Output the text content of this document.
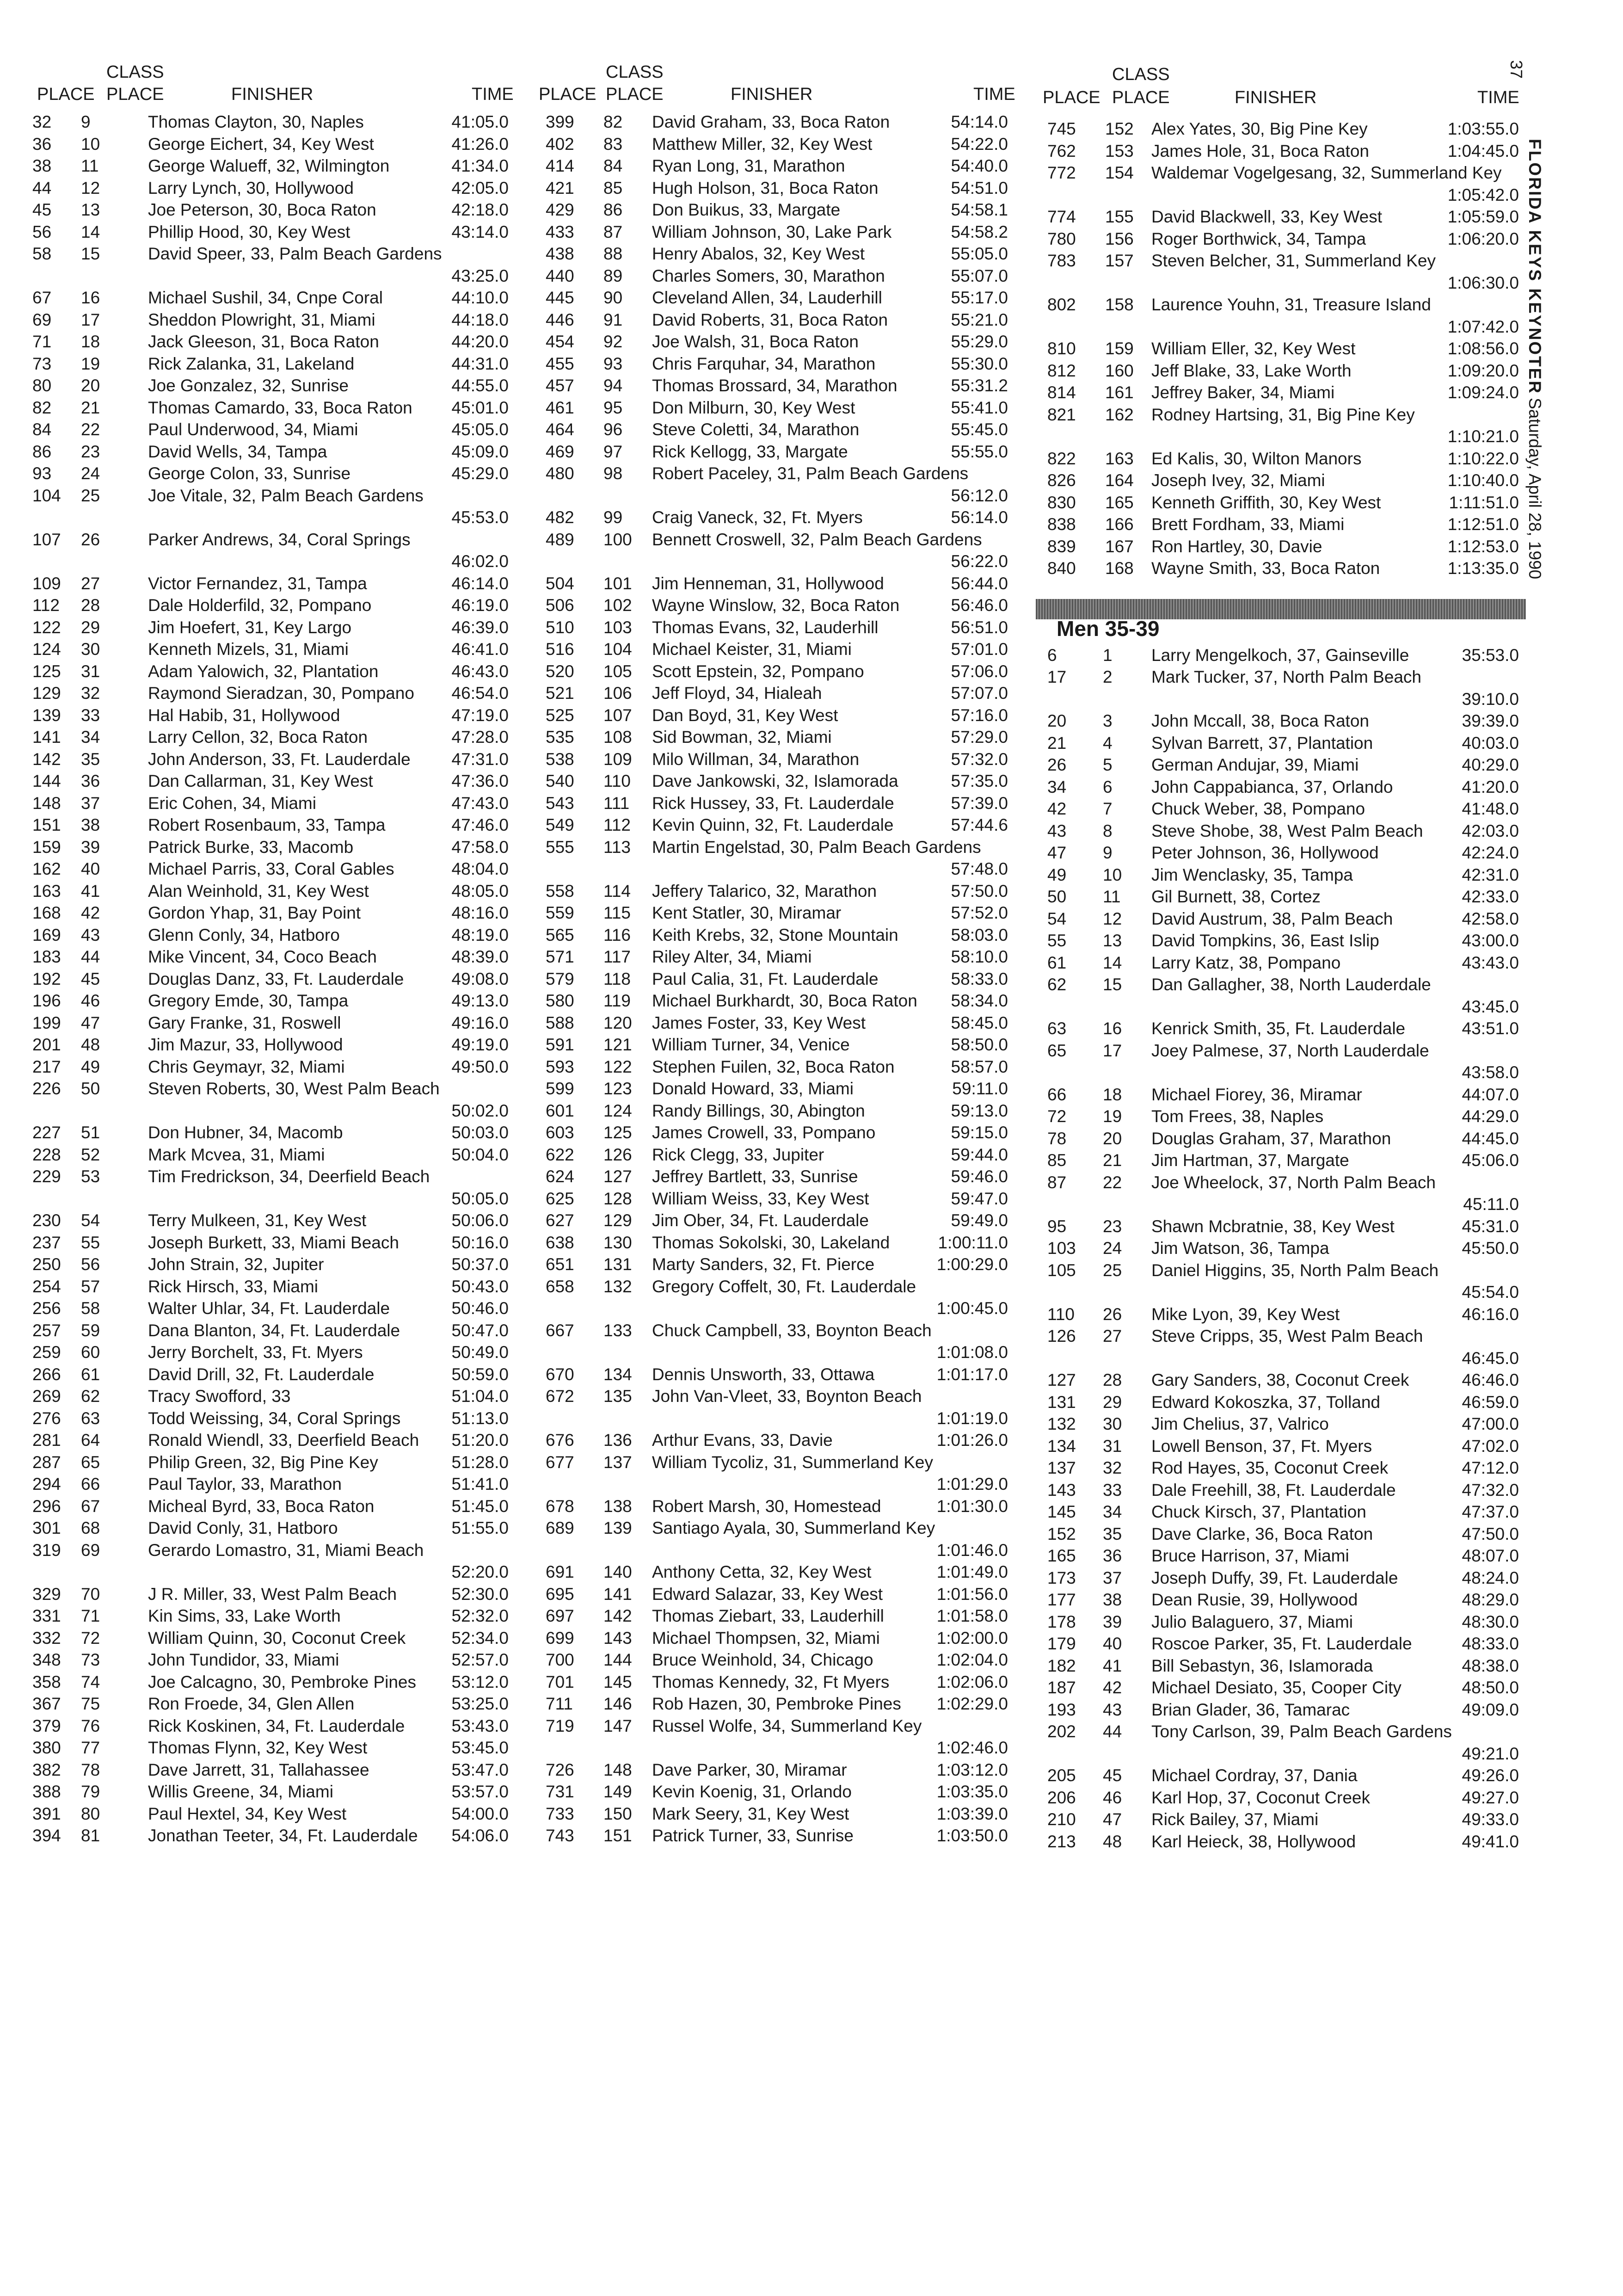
CLASS
PLACE PLACE	FINISHER	TIME
32 9	Thomas Clayton, 30, Naples	41:05.0
36 10	George Eichert, 34, Key West	41:26.0
38 11	George Walueff, 32, Wilmington	41:34.0
44 12	Larry Lynch, 30, Hollywood	42:05.0
45 13	Joe Peterson, 30, Boca Raton	42:18.0
56 14	Phillip Hood, 30, Key West	43:14.0
58 15	David Speer, 33, Palm Beach Gardens
43:25.0
67 16	Michael Sushil, 34, Cnpe Coral	44:10.0
69 17	Sheddon Plowright, 31, Miami	44:18.0
71 18	Jack Gleeson, 31, Boca Raton	44:20.0
73 19	Rick Zalanka, 31, Lakeland	44:31.0
80 20	Joe Gonzalez, 32, Sunrise	44:55.0
82 21	Thomas Camardo, 33, Boca Raton 45:01.0
84 22	Paul Underwood, 34, Miami	45:05.0
86 23	David Wells, 34, Tampa	45:09.0
93 24	George Colon, 33, Sunrise	45:29.0
104 25	Joe Vitale, 32, Palm Beach Gardens
45:53.0
107 26	Parker Andrews, 34, Coral Springs
46:02.0
109 27	Victor Fernandez, 31, Tampa	46:14.0
112 28	Dale Holderfild, 32, Pompano	46:19.0
122 29	Jim Hoefert, 31, Key Largo	46:39.0
124 30	Kenneth Mizels, 31, Miami	46:41.0
125 31	Adam Yalowich, 32, Plantation	46:43.0
129 32	Raymond Sieradzan, 30, Pompano 46:54.0
139 33	Hal Habib, 31, Hollywood	47:19.0
141 34	Larry Cellon, 32, Boca Raton	47:28.0
142 35	John Anderson, 33, Ft. Lauderdale 47:31.0
144 36	Dan Callarman, 31, Key West	47:36.0
148 37	Eric Cohen, 34, Miami	47:43.0
151 38	Robert Rosenbaum, 33, Tampa	47:46.0
159 39	Patrick Burke, 33, Macomb	47:58.0
162 40	Michael Parris, 33, Coral Gables	48:04.0
163 41	Alan Weinhold, 31, Key West	48:05.0
168 42	Gordon Yhap, 31, Bay Point	48:16.0
169 43	Glenn Conly, 34, Hatboro	48:19.0
183 44	Mike Vincent, 34, Coco Beach	48:39.0
192 45	Douglas Danz, 33, Ft. Lauderdale	49:08.0
196 46	Gregory Emde, 30, Tampa	49:13.0
199 47	Gary Franke, 31, Roswell	49:16.0
201 48	Jim Mazur, 33, Hollywood	49:19.0
217 49	Chris Geymayr, 32, Miami	49:50.0
226 50	Steven Roberts, 30, West Palm Beach
50:02.0
227 51	Don Hubner, 34, Macomb	50:03.0
228 52	Mark Mcvea, 31, Miami	50:04.0
229 53	Tim Fredrickson, 34, Deerfield Beach
50:05.0
230 54	Terry Mulkeen, 31, Key West	50:06.0
237 55	Joseph Burkett, 33, Miami Beach	50:16.0
250 56	John Strain, 32, Jupiter	50:37.0
254 57	Rick Hirsch, 33, Miami	50:43.0
256 58	Walter Uhlar, 34, Ft. Lauderdale	50:46.0
257 59	Dana Blanton, 34, Ft. Lauderdale	50:47.0
259 60	Jerry Borchelt, 33, Ft. Myers	50:49.0
266 61	David Drill, 32, Ft. Lauderdale	50:59.0
269 62	Tracy Swofford, 33	51:04.0
276 63	Todd Weissing, 34, Coral Springs	51:13.0
281 64	Ronald Wiendl, 33, Deerfield Beach 51:20.0
287 65	Philip Green, 32, Big Pine Key	51:28.0
294 66	Paul Taylor, 33, Marathon	51:41.0
296 67	Micheal Byrd, 33, Boca Raton	51:45.0
301 68	David Conly, 31, Hatboro	51:55.0
319 69	Gerardo Lomastro, 31, Miami Beach
52:20.0
329 70	J R. Miller, 33, West Palm Beach	52:30.0
331 71	Kin Sims, 33, Lake Worth	52:32.0
332 72	William Quinn, 30, Coconut Creek	52:34.0
348 73	John Tundidor, 33, Miami	52:57.0
358 74	Joe Calcagno, 30, Pembroke Pines 53:12.0
367 75	Ron Froede, 34, Glen Allen	53:25.0
379 76	Rick Koskinen, 34, Ft. Lauderdale	53:43.0
380 77	Thomas Flynn, 32, Key West	53:45.0
382 78	Dave Jarrett, 31, Tallahassee	53:47.0
388 79	Willis Greene, 34, Miami	53:57.0
391 80	Paul Hextel, 34, Key West	54:00.0
394 81	Jonathan Teeter, 34, Ft. Lauderdale 54:06.0
CLASS
PLACE PLACE	FINISHER	TIME
399 82 David Graham, 33, Boca Raton	54:14.0
402 83 Matthew Miller, 32, Key West	54:22.0
414 84 Ryan Long, 31, Marathon	54:40.0
421 85 Hugh Holson, 31, Boca Raton	54:51.0
429 86 Don Buikus, 33, Margate	54:58.1
433 87 William Johnson, 30, Lake Park	54:58.2
438 88 Henry Abalos, 32, Key West	55:05.0
440 89 Charles Somers, 30, Marathon	55:07.0
445 90 Cleveland Allen, 34, Lauderhill	55:17.0
446 91 David Roberts, 31, Boca Raton	55:21.0
454 92 Joe Walsh, 31, Boca Raton	55:29.0
455 93 Chris Farquhar, 34, Marathon	55:30.0
457 94 Thomas Brossard, 34, Marathon	55:31.2
461 95 Don Milburn, 30, Key West	55:41.0
464 96 Steve Coletti, 34, Marathon	55:45.0
469 97 Rick Kellogg, 33, Margate	55:55.0
480 98 Robert Paceley, 31, Palm Beach Gardens
56:12.0
482 99 Craig Vaneck, 32, Ft. Myers	56:14.0
489 100 Bennett Croswell, 32, Palm Beach Gardens
56:22.0
504 101 Jim Henneman, 31, Hollywood	56:44.0
506 102 Wayne Winslow, 32, Boca Raton	56:46.0
510 103 Thomas Evans, 32, Lauderhill	56:51.0
516 104 Michael Keister, 31, Miami	57:01.0
520 105 Scott Epstein, 32, Pompano	57:06.0
521 106 Jeff Floyd, 34, Hialeah	57:07.0
525 107 Dan Boyd, 31, Key West	57:16.0
535 108 Sid Bowman, 32, Miami	57:29.0
538 109 Milo Willman, 34, Marathon	57:32.0
540 110 Dave Jankowski, 32, Islamorada	57:35.0
543 111 Rick Hussey, 33, Ft. Lauderdale	57:39.0
549 112 Kevin Quinn, 32, Ft. Lauderdale	57:44.6
555 113 Martin Engelstad, 30, Palm Beach Gardens
57:48.0
558 114 Jeffery Talarico, 32, Marathon	57:50.0
559 115 Kent Statler, 30, Miramar	57:52.0
565 116 Keith Krebs, 32, Stone Mountain	58:03.0
571 117 Riley Alter, 34, Miami	58:10.0
579 118 Paul Calia, 31, Ft. Lauderdale	58:33.0
580 119 Michael Burkhardt, 30, Boca Raton 58:34.0
588 120 James Foster, 33, Key West	58:45.0
591 121 William Turner, 34, Venice	58:50.0
593 122 Stephen Fuilen, 32, Boca Raton	58:57.0
599 123 Donald Howard, 33, Miami	59:11.0
601 124 Randy Billings, 30, Abington	59:13.0
603 125 James Crowell, 33, Pompano	59:15.0
622 126 Rick Clegg, 33, Jupiter	59:44.0
624 127 Jeffrey Bartlett, 33, Sunrise	59:46.0
625 128 William Weiss, 33, Key West	59:47.0
627 129 Jim Ober, 34, Ft. Lauderdale	59:49.0
638 130 Thomas Sokolski, 30, Lakeland	1:00:11.0
651 131 Marty Sanders, 32, Ft. Pierce	1:00:29.0
658 132 Gregory Coffelt, 30, Ft. Lauderdale
1:00:45.0
667 133 Chuck Campbell, 33, Boynton Beach
1:01:08.0
670 134 Dennis Unsworth, 33, Ottawa	1:01:17.0
672 135 John Van-Vleet, 33, Boynton Beach
1:01:19.0
676 136 Arthur Evans, 33, Davie	1:01:26.0
677 137 William Tycoliz, 31, Summerland Key
1:01:29.0
678 138 Robert Marsh, 30, Homestead	1:01:30.0
689 139 Santiago Ayala, 30, Summerland Key
1:01:46.0
691 140 Anthony Cetta, 32, Key West	1:01:49.0
695 141 Edward Salazar, 33, Key West	1:01:56.0
697 142 Thomas Ziebart, 33, Lauderhill	1:01:58.0
699 143 Michael Thompsen, 32, Miami	1:02:00.0
700 144 Bruce Weinhold, 34, Chicago	1:02:04.0
701 145 Thomas Kennedy, 32, Ft Myers	1:02:06.0
711 146 Rob Hazen, 30, Pembroke Pines 1:02:29.0
719 147 Russel Wolfe, 34, Summerland Key
1:02:46.0
726 148 Dave Parker, 30, Miramar	1:03:12.0
731 149 Kevin Koenig, 31, Orlando	1:03:35.0
733 150 Mark Seery, 31, Key West	1:03:39.0
743 151 Patrick Turner, 33, Sunrise	1:03:50.0
CLASS
PLACE PLACE	FINISHER	TIME
745 152 Alex Yates, 30, Big Pine Key	1:03:55.0
762 153 James Hole, 31, Boca Raton	1:04:45.0
772 154 Waldemar Vogelgesang, 32, Summerland Key
1:05:42.0
774 155 David Blackwell, 33, Key West	1:05:59.0
780 156 Roger Borthwick, 34, Tampa	1:06:20.0
783 157 Steven Belcher, 31, Summerland Key
1:06:30.0
802 158 Laurence Youhn, 31, Treasure Island
1:07:42.0
810 159 William Eller, 32, Key West	1:08:56.0
812 160 Jeff Blake, 33, Lake Worth	1:09:20.0
814 161 Jeffrey Baker, 34, Miami	1:09:24.0
821 162 Rodney Hartsing, 31, Big Pine Key
1:10:21.0
822 163 Ed Kalis, 30, Wilton Manors	1:10:22.0
826 164 Joseph Ivey, 32, Miami	1:10:40.0
830 165 Kenneth Griffith, 30, Key West	1:11:51.0
838 166 Brett Fordham, 33, Miami	1:12:51.0
839 167 Ron Hartley, 30, Davie	1:12:53.0
840 168 Wayne Smith, 33, Boca Raton	1:13:35.0
Men 35-39
6	1 Larry Mengelkoch, 37, Gainseville	35:53.0
17 2 Mark Tucker, 37, North Palm Beach
39:10.0
20 3 John Mccall, 38, Boca Raton	39:39.0
21 4 Sylvan Barrett, 37, Plantation	40:03.0
26 5 German Andujar, 39, Miami	40:29.0
34 6 John Cappabianca, 37, Orlando	41:20.0
42 7 Chuck Weber, 38, Pompano	41:48.0
43 8 Steve Shobe, 38, West Palm Beach 42:03.0
47 9 Peter Johnson, 36, Hollywood	42:24.0
49 10 Jim Wenclasky, 35, Tampa	42:31.0
50 11 Gil Burnett, 38, Cortez	42:33.0
54 12 David Austrum, 38, Palm Beach	42:58.0
55 13 David Tompkins, 36, East Islip	43:00.0
61 14 Larry Katz, 38, Pompano	43:43.0
62 15 Dan Gallagher, 38, North Lauderdale
43:45.0
63 16 Kenrick Smith, 35, Ft. Lauderdale	43:51.0
65 17 Joey Palmese, 37, North Lauderdale
43:58.0
66 18 Michael Fiorey, 36, Miramar	44:07.0
72 19 Tom Frees, 38, Naples	44:29.0
78 20 Douglas Graham, 37, Marathon	44:45.0
85 21 Jim Hartman, 37, Margate	45:06.0
87 22 Joe Wheelock, 37, North Palm Beach
45:11.0
95 23 Shawn Mcbratnie, 38, Key West	45:31.0
103 24 Jim Watson, 36, Tampa	45:50.0
105 25 Daniel Higgins, 35, North Palm Beach
45:54.0
110 26 Mike Lyon, 39, Key West	46:16.0
126 27 Steve Cripps, 35, West Palm Beach
46:45.0
127 28 Gary Sanders, 38, Coconut Creek	46:46.0
131 29 Edward Kokoszka, 37, Tolland	46:59.0
132 30 Jim Chelius, 37, Valrico	47:00.0
134 31 Lowell Benson, 37, Ft. Myers	47:02.0
137 32 Rod Hayes, 35, Coconut Creek	47:12.0
143 33 Dale Freehill, 38, Ft. Lauderdale	47:32.0
145 34 Chuck Kirsch, 37, Plantation	47:37.0
152 35 Dave Clarke, 36, Boca Raton	47:50.0
165 36 Bruce Harrison, 37, Miami	48:07.0
173 37 Joseph Duffy, 39, Ft. Lauderdale	48:24.0
177 38 Dean Rusie, 39, Hollywood	48:29.0
178 39 Julio Balaguero, 37, Miami	48:30.0
179 40 Roscoe Parker, 35, Ft. Lauderdale	48:33.0
182 41 Bill Sebastyn, 36, Islamorada	48:38.0
187 42 Michael Desiato, 35, Cooper City	48:50.0
193 43 Brian Glader, 36, Tamarac	49:09.0
202 44 Tony Carlson, 39, Palm Beach Gardens
49:21.0
205 45 Michael Cordray, 37, Dania	49:26.0
206 46 Karl Hop, 37, Coconut Creek	49:27.0
210 47 Rick Bailey, 37, Miami	49:33.0
213 48 Karl Heieck, 38, Hollywood	49:41.0
37
FLORIDA KEYS KEYNOTER
Saturday, April 28, 1990
